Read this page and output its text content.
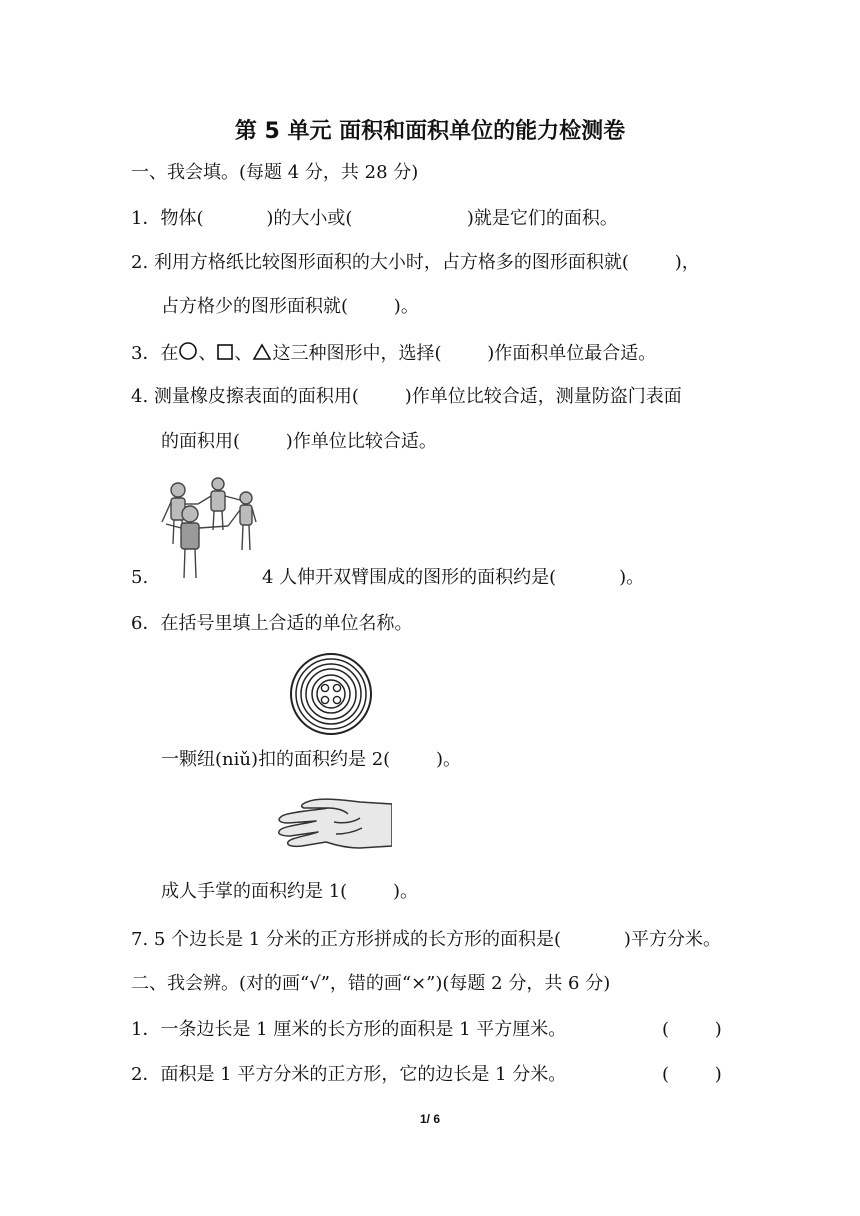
第 5 单元 面积和面积单位的能力检测卷
一、我会填。(每题 4 分，共 28 分)
1．物体(           )的大小或(                    )就是它们的面积。
2. 利用方格纸比较图形面积的大小时，占方格多的图形面积就(        )，
占方格少的图形面积就(        )。
3．在 、 、 这三种图形中，选择(        )作面积单位最合适。
4. 测量橡皮擦表面的面积用(        )作单位比较合适，测量防盗门表面
的面积用(        )作单位比较合适。
5.	4 人伸开双臂围成的图形的面积约是(           )。
6．在括号里填上合适的单位名称。
一颗纽(niǔ)扣的面积约是 2(        )。
成人手掌的面积约是 1(        )。
7. 5 个边长是 1 分米的正方形拼成的长方形的面积是(           )平方分米。
二、我会辨。(对的画“√”，错的画“×”)(每题 2 分，共 6 分)
1．一条边长是 1 厘米的长方形的面积是 1 平方厘米。	(        )
2．面积是 1 平方分米的正方形，它的边长是 1 分米。	(        )
1/ 6
